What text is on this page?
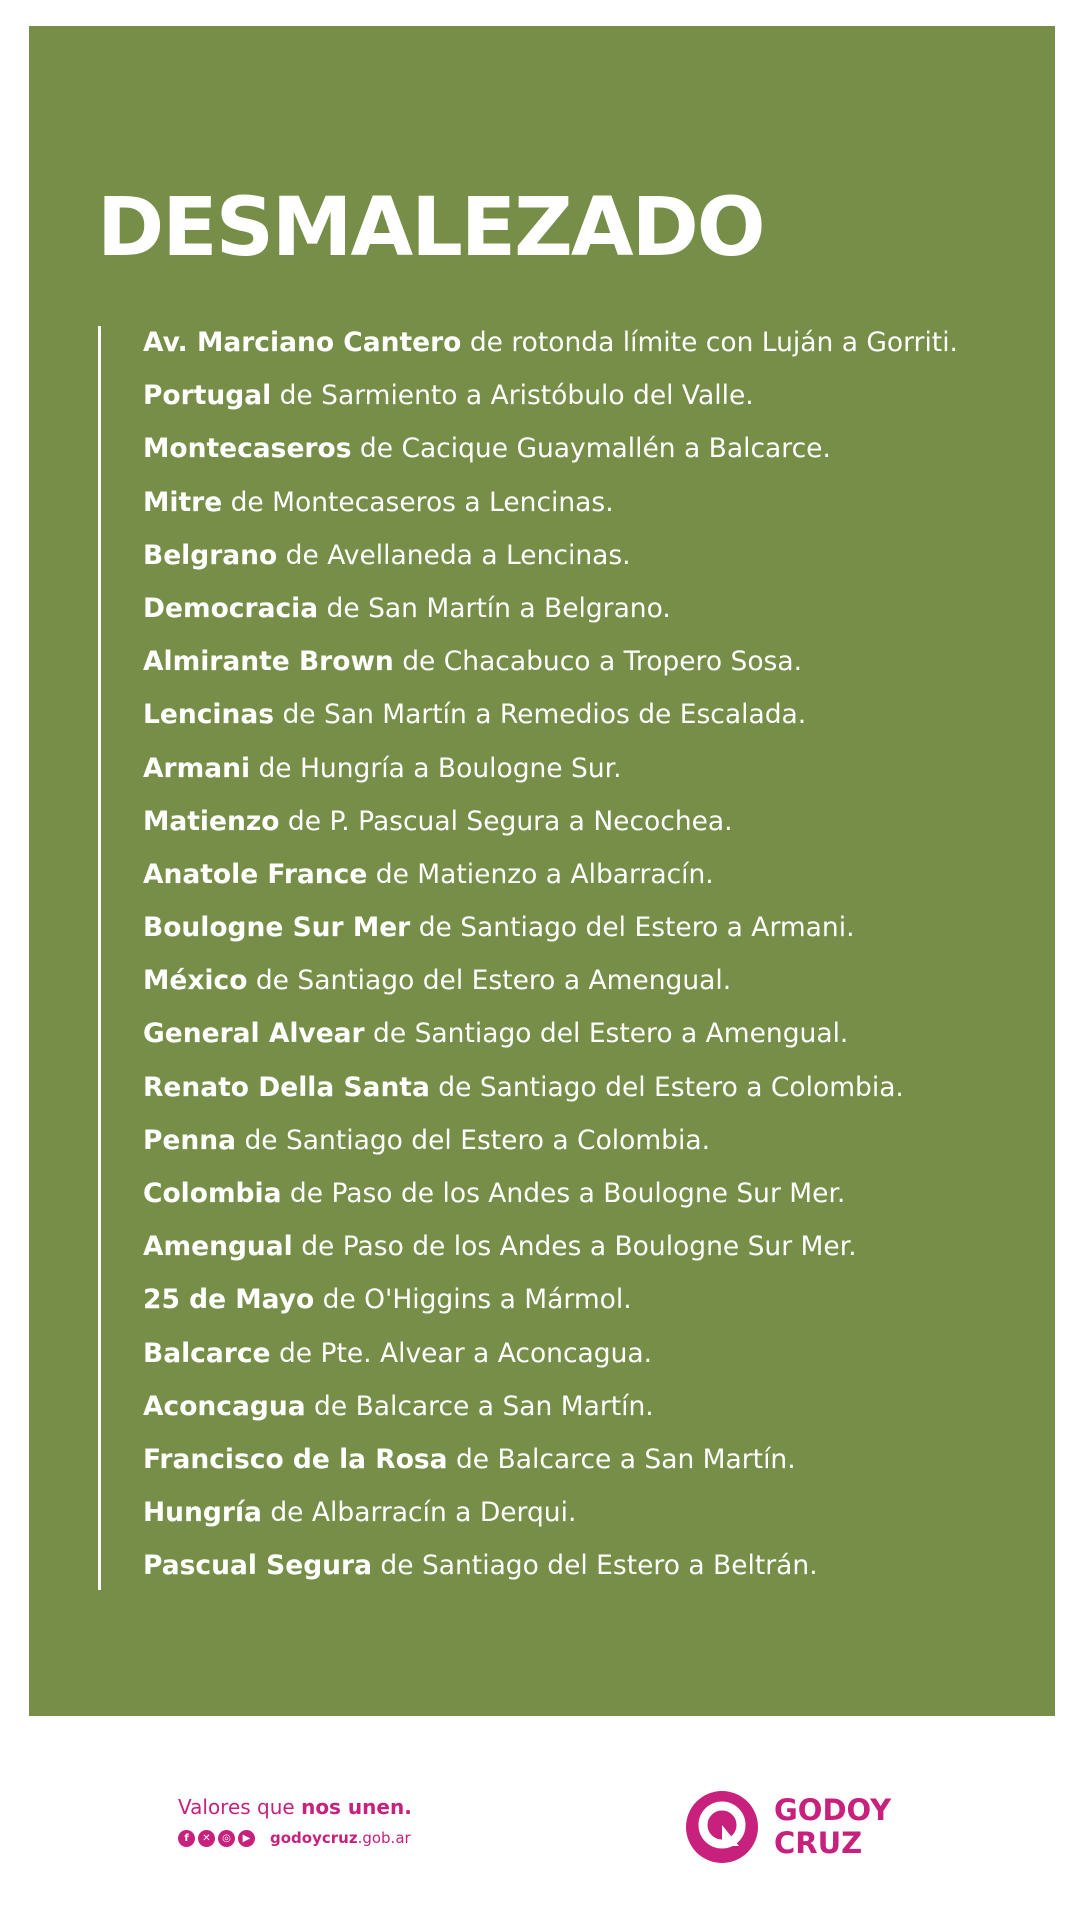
DESMALEZADO
Av. Marciano Cantero de rotonda límite con Luján a Gorriti.
Portugal de Sarmiento a Aristóbulo del Valle.
Montecaseros de Cacique Guaymallén a Balcarce.
Mitre de Montecaseros a Lencinas.
Belgrano de Avellaneda a Lencinas.
Democracia de San Martín a Belgrano.
Almirante Brown de Chacabuco a Tropero Sosa.
Lencinas de San Martín a Remedios de Escalada.
Armani de Hungría a Boulogne Sur.
Matienzo de P. Pascual Segura a Necochea.
Anatole France de Matienzo a Albarracín.
Boulogne Sur Mer de Santiago del Estero a Armani.
México de Santiago del Estero a Amengual.
General Alvear de Santiago del Estero a Amengual.
Renato Della Santa de Santiago del Estero a Colombia.
Penna de Santiago del Estero a Colombia.
Colombia de Paso de los Andes a Boulogne Sur Mer.
Amengual de Paso de los Andes a Boulogne Sur Mer.
25 de Mayo de O'Higgins a Mármol.
Balcarce de Pte. Alvear a Aconcagua.
Aconcagua de Balcarce a San Martín.
Francisco de la Rosa de Balcarce a San Martín.
Hungría de Albarracín a Derqui.
Pascual Segura de Santiago del Estero a Beltrán.
Valores que nos unen.
f	✕	◎	▶	godoycruz.gob.ar
GODOY
CRUZ
